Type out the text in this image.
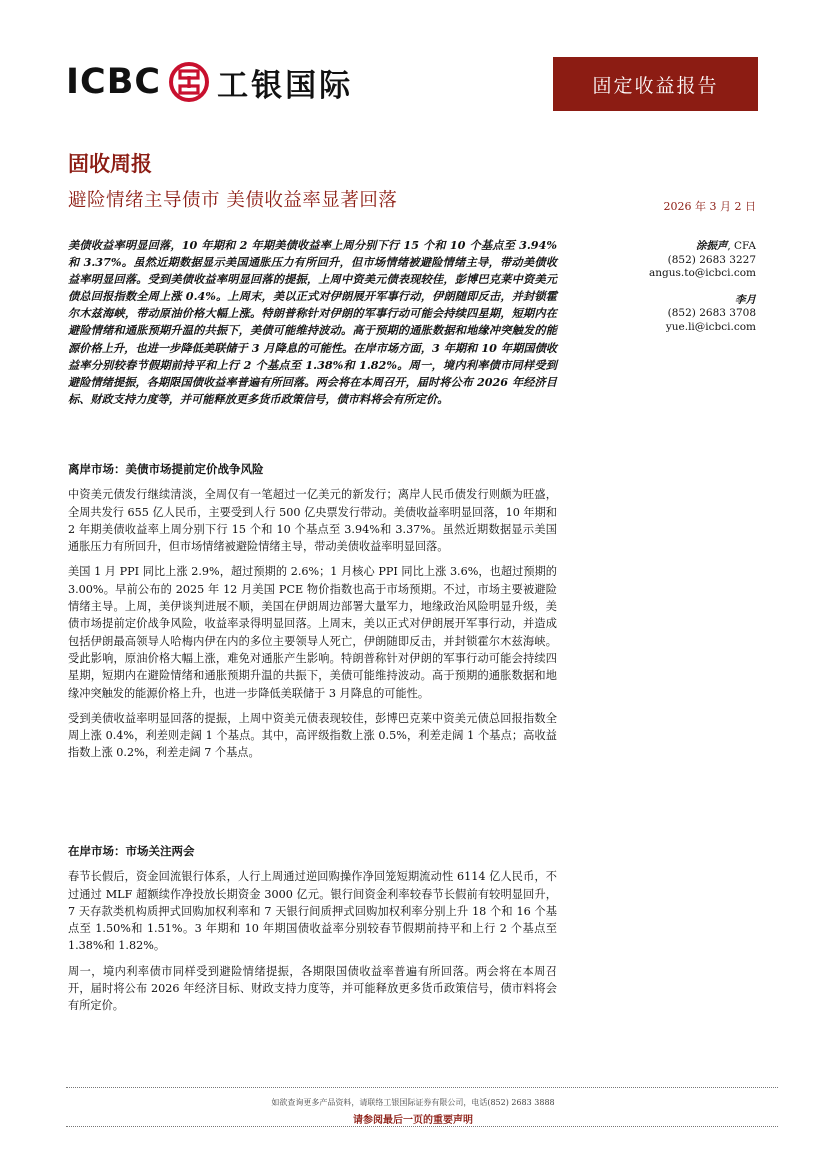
ICBC 工银国际	固定收益报告
固收周报
避险情绪主导债市 美债收益率显著回落	2026 年 3 月 2 日
涂振声, CFA
(852) 2683 3227
angus.to@icbci.com
李月
(852) 2683 3708
yue.li@icbci.com
美债收益率明显回落，10 年期和 2 年期美债收益率上周分别下行 15 个和 10 个基点至 3.94%和 3.37%。虽然近期数据显示美国通胀压力有所回升，但市场情绪被避险情绪主导，带动美债收益率明显回落。受到美债收益率明显回落的提振，上周中资美元债表现较佳，彭博巴克莱中资美元债总回报指数全周上涨 0.4%。上周末，美以正式对伊朗展开军事行动，伊朗随即反击，并封锁霍尔木兹海峡，带动原油价格大幅上涨。特朗普称针对伊朗的军事行动可能会持续四星期，短期内在避险情绪和通胀预期升温的共振下，美债可能维持波动。高于预期的通胀数据和地缘冲突触发的能源价格上升，也进一步降低美联储于 3 月降息的可能性。在岸市场方面，3 年期和 10 年期国债收益率分别较春节假期前持平和上行 2 个基点至 1.38%和 1.82%。周一，境内利率债市同样受到避险情绪提振，各期限国债收益率普遍有所回落。两会将在本周召开，届时将公布 2026 年经济目标、财政支持力度等，并可能释放更多货币政策信号，债市料将会有所定价。
离岸市场：美债市场提前定价战争风险

中资美元债发行继续清淡，全周仅有一笔超过一亿美元的新发行；离岸人民币债发行则颇为旺盛，全周共发行 655 亿人民币，主要受到人行 500 亿央票发行带动。美债收益率明显回落，10 年期和 2 年期美债收益率上周分别下行 15 个和 10 个基点至 3.94%和 3.37%。虽然近期数据显示美国通胀压力有所回升，但市场情绪被避险情绪主导，带动美债收益率明显回落。

美国 1 月 PPI 同比上涨 2.9%，超过预期的 2.6%；1 月核心 PPI 同比上涨 3.6%，也超过预期的 3.00%。早前公布的 2025 年 12 月美国 PCE 物价指数也高于市场预期。不过，市场主要被避险情绪主导。上周，美伊谈判进展不顺，美国在伊朗周边部署大量军力，地缘政治风险明显升级，美债市场提前定价战争风险，收益率录得明显回落。上周末，美以正式对伊朗展开军事行动，并造成包括伊朗最高领导人哈梅内伊在内的多位主要领导人死亡，伊朗随即反击，并封锁霍尔木兹海峡。受此影响，原油价格大幅上涨，难免对通胀产生影响。特朗普称针对伊朗的军事行动可能会持续四星期，短期内在避险情绪和通胀预期升温的共振下，美债可能维持波动。高于预期的通胀数据和地缘冲突触发的能源价格上升，也进一步降低美联储于 3 月降息的可能性。

受到美债收益率明显回落的提振，上周中资美元债表现较佳，彭博巴克莱中资美元债总回报指数全周上涨 0.4%，利差则走阔 1 个基点。其中，高评级指数上涨 0.5%，利差走阔 1 个基点；高收益指数上涨 0.2%，利差走阔 7 个基点。

在岸市场：市场关注两会

春节长假后，资金回流银行体系，人行上周通过逆回购操作净回笼短期流动性 6114 亿人民币，不过通过 MLF 超额续作净投放长期资金 3000 亿元。银行间资金利率较春节长假前有较明显回升，7 天存款类机构质押式回购加权利率和 7 天银行间质押式回购加权利率分别上升 18 个和 16 个基点至 1.50%和 1.51%。3 年期和 10 年期国债收益率分别较春节假期前持平和上行 2 个基点至 1.38%和 1.82%。

周一，境内利率债市同样受到避险情绪提振，各期限国债收益率普遍有所回落。两会将在本周召开，届时将公布 2026 年经济目标、财政支持力度等，并可能释放更多货币政策信号，债市料将会有所定价。

如欲查询更多产品资料，请联络工银国际证券有限公司，电话(852) 2683 3888
请参阅最后一页的重要声明
